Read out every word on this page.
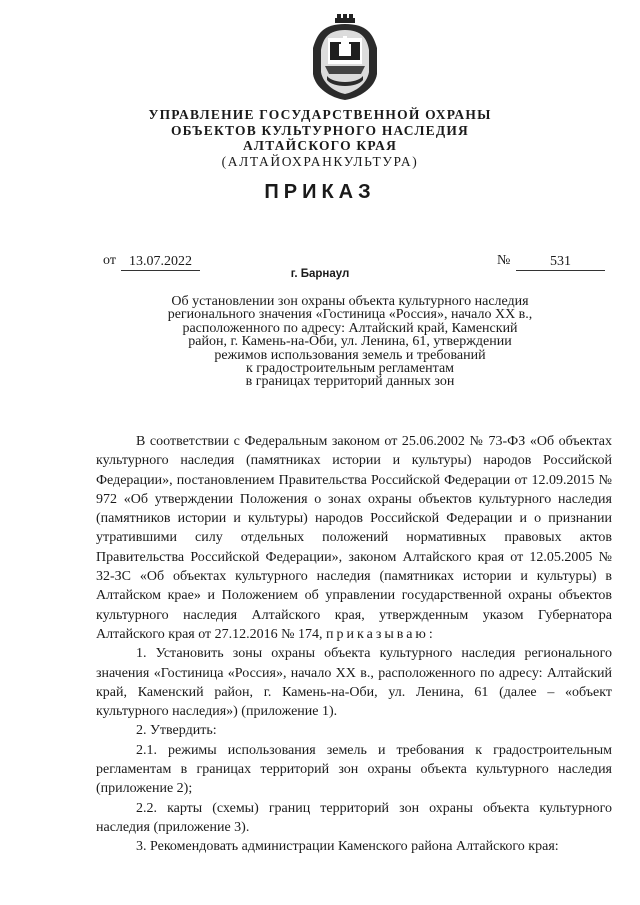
УПРАВЛЕНИЕ ГОСУДАРСТВЕННОЙ ОХРАНЫ
ОБЪЕКТОВ КУЛЬТУРНОГО НАСЛЕДИЯ
АЛТАЙСКОГО КРАЯ
(АЛТАЙОХРАНКУЛЬТУРА)
ПРИКАЗ
от 13.07.2022	№	531
г. Барнаул
Об установлении зон охраны объекта культурного наследия
регионального значения «Гостиница «Россия», начало XX в.,
расположенного по адресу: Алтайский край, Каменский
район, г. Камень-на-Оби, ул. Ленина, 61, утверждении
режимов использования земель и требований
к градостроительным регламентам
в границах территорий данных зон
В соответствии с Федеральным законом от 25.06.2002 № 73-ФЗ «Об объектах культурного наследия (памятниках истории и культуры) народов Российской Федерации», постановлением Правительства Российской Федерации от 12.09.2015 № 972 «Об утверждении Положения о зонах охраны объектов культурного наследия (памятников истории и культуры) народов Российской Федерации и о признании утратившими силу отдельных положений нормативных правовых актов Правительства Российской Федерации», законом Алтайского края от 12.05.2005 № 32-ЗС «Об объектах культурного наследия (памятниках истории и культуры) в Алтайском крае» и Положением об управлении государственной охраны объектов культурного наследия Алтайского края, утвержденным указом Губернатора Алтайского края от 27.12.2016 № 174, приказываю:
1. Установить зоны охраны объекта культурного наследия регионального значения «Гостиница «Россия», начало XX в., расположенного по адресу: Алтайский край, Каменский район, г. Камень-на-Оби, ул. Ленина, 61 (далее – «объект культурного наследия») (приложение 1).
2. Утвердить:
2.1. режимы использования земель и требования к градостроительным регламентам в границах территорий зон охраны объекта культурного наследия (приложение 2);
2.2. карты (схемы) границ территорий зон охраны объекта культурного наследия (приложение 3).
3. Рекомендовать администрации Каменского района Алтайского края:
